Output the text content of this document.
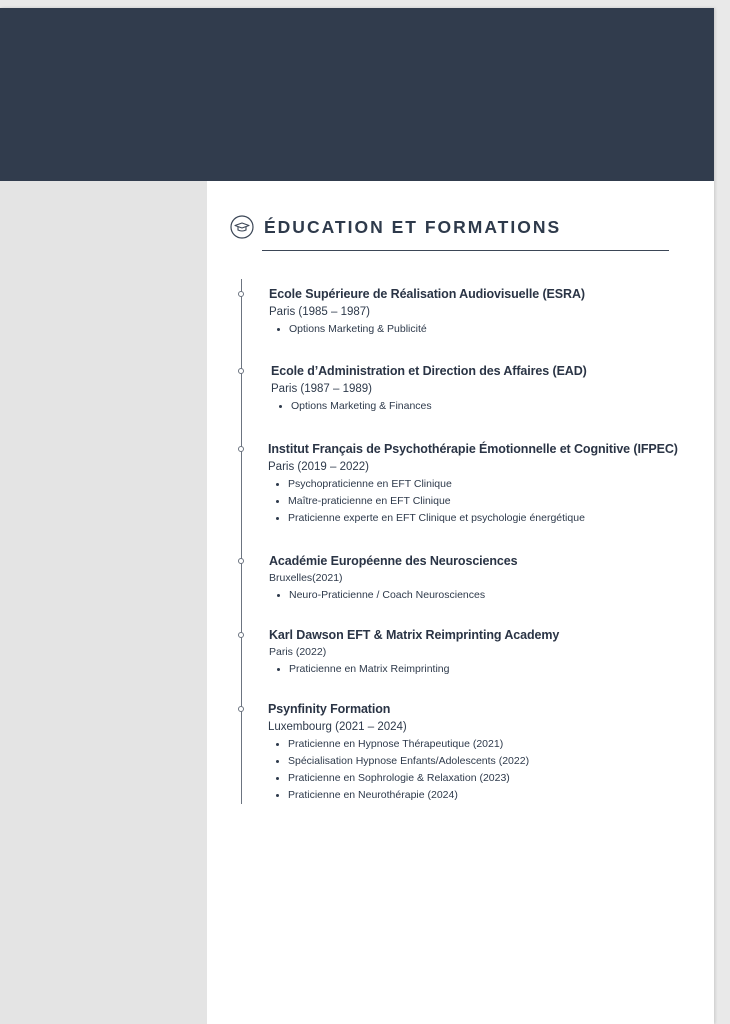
ÉDUCATION ET FORMATIONS
Ecole Supérieure de Réalisation Audiovisuelle (ESRA)
Paris (1985 – 1987)
Options Marketing & Publicité
Ecole d’Administration et Direction des Affaires (EAD)
Paris (1987 – 1989)
Options Marketing & Finances
Institut Français de Psychothérapie Émotionnelle et Cognitive (IFPEC)
Paris (2019 – 2022)
Psychopraticienne en EFT Clinique
Maître-praticienne en EFT Clinique
Praticienne experte en EFT Clinique et psychologie énergétique
Académie Européenne des Neurosciences
Bruxelles(2021)
Neuro-Praticienne / Coach Neurosciences
Karl Dawson EFT & Matrix Reimprinting Academy
Paris (2022)
Praticienne en Matrix Reimprinting
Psynfinity Formation
Luxembourg (2021 – 2024)
Praticienne en Hypnose Thérapeutique (2021)
Spécialisation Hypnose Enfants/Adolescents (2022)
Praticienne en Sophrologie & Relaxation (2023)
Praticienne en Neurothérapie (2024)
